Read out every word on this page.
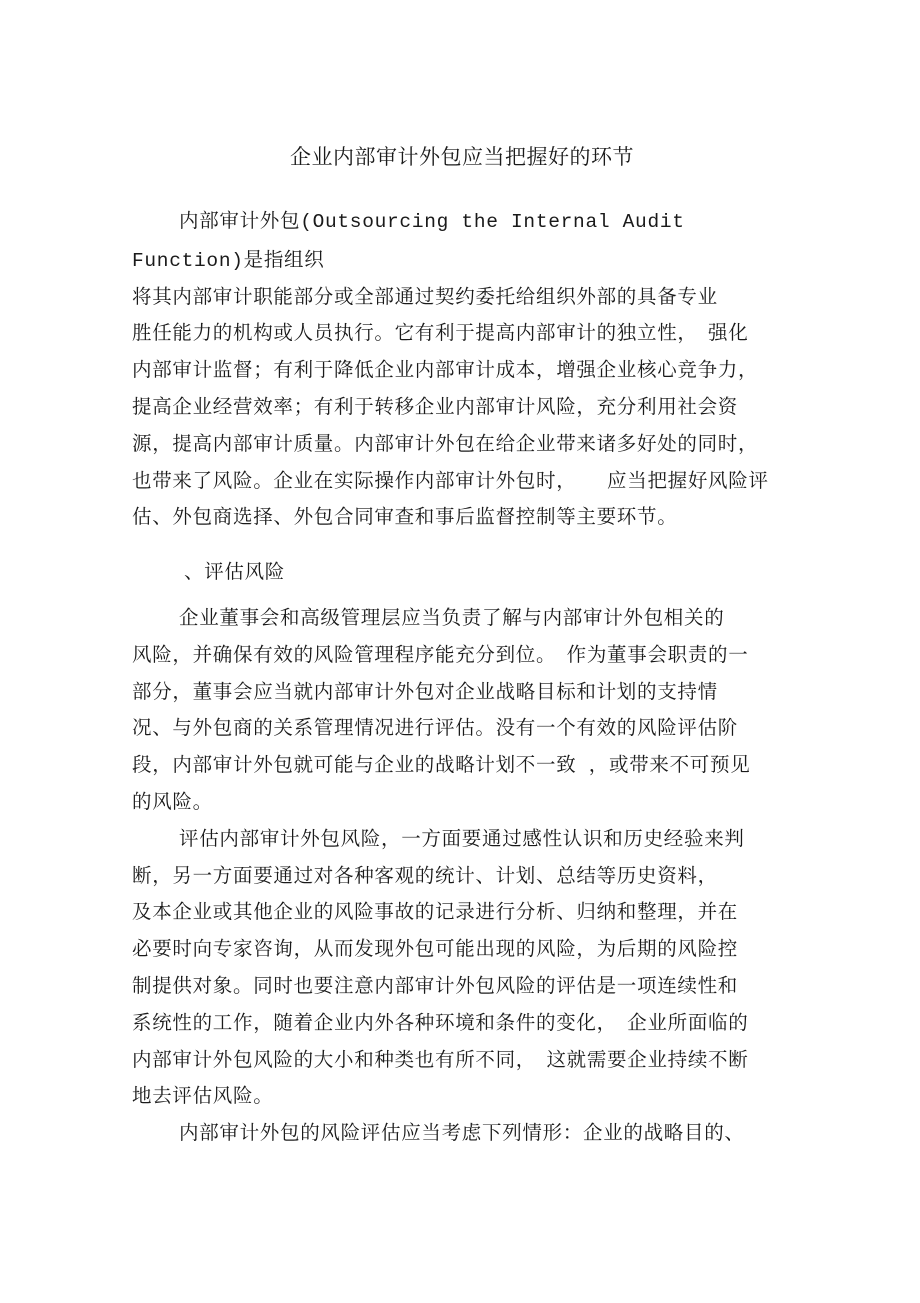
企业内部审计外包应当把握好的环节
内部审计外包(Outsourcing the Internal Audit
Function)是指组织
将其内部审计职能部分或全部通过契约委托给组织外部的具备专业
胜任能力的机构或人员执行。它有利于提高内部审计的独立性，　强化
内部审计监督；有利于降低企业内部审计成本，增强企业核心竞争力，
提高企业经营效率；有利于转移企业内部审计风险，充分利用社会资
源，提高内部审计质量。内部审计外包在给企业带来诸多好处的同时，
也带来了风险。企业在实际操作内部审计外包时，　　应当把握好风险评
估、外包商选择、外包合同审查和事后监督控制等主要环节。
、评估风险
企业董事会和高级管理层应当负责了解与内部审计外包相关的
风险，并确保有效的风险管理程序能充分到位。　作为董事会职责的一
部分，董事会应当就内部审计外包对企业战略目标和计划的支持情
况、与外包商的关系管理情况进行评估。没有一个有效的风险评估阶
段，内部审计外包就可能与企业的战略计划不一致 ，或带来不可预见
的风险。
评估内部审计外包风险，一方面要通过感性认识和历史经验来判
断，另一方面要通过对各种客观的统计、计划、总结等历史资料，
及本企业或其他企业的风险事故的记录进行分析、归纳和整理，并在
必要时向专家咨询，从而发现外包可能出现的风险，为后期的风险控
制提供对象。同时也要注意内部审计外包风险的评估是一项连续性和
系统性的工作，随着企业内外各种环境和条件的变化，　企业所面临的
内部审计外包风险的大小和种类也有所不同，　这就需要企业持续不断
地去评估风险。
内部审计外包的风险评估应当考虑下列情形：企业的战略目的、
